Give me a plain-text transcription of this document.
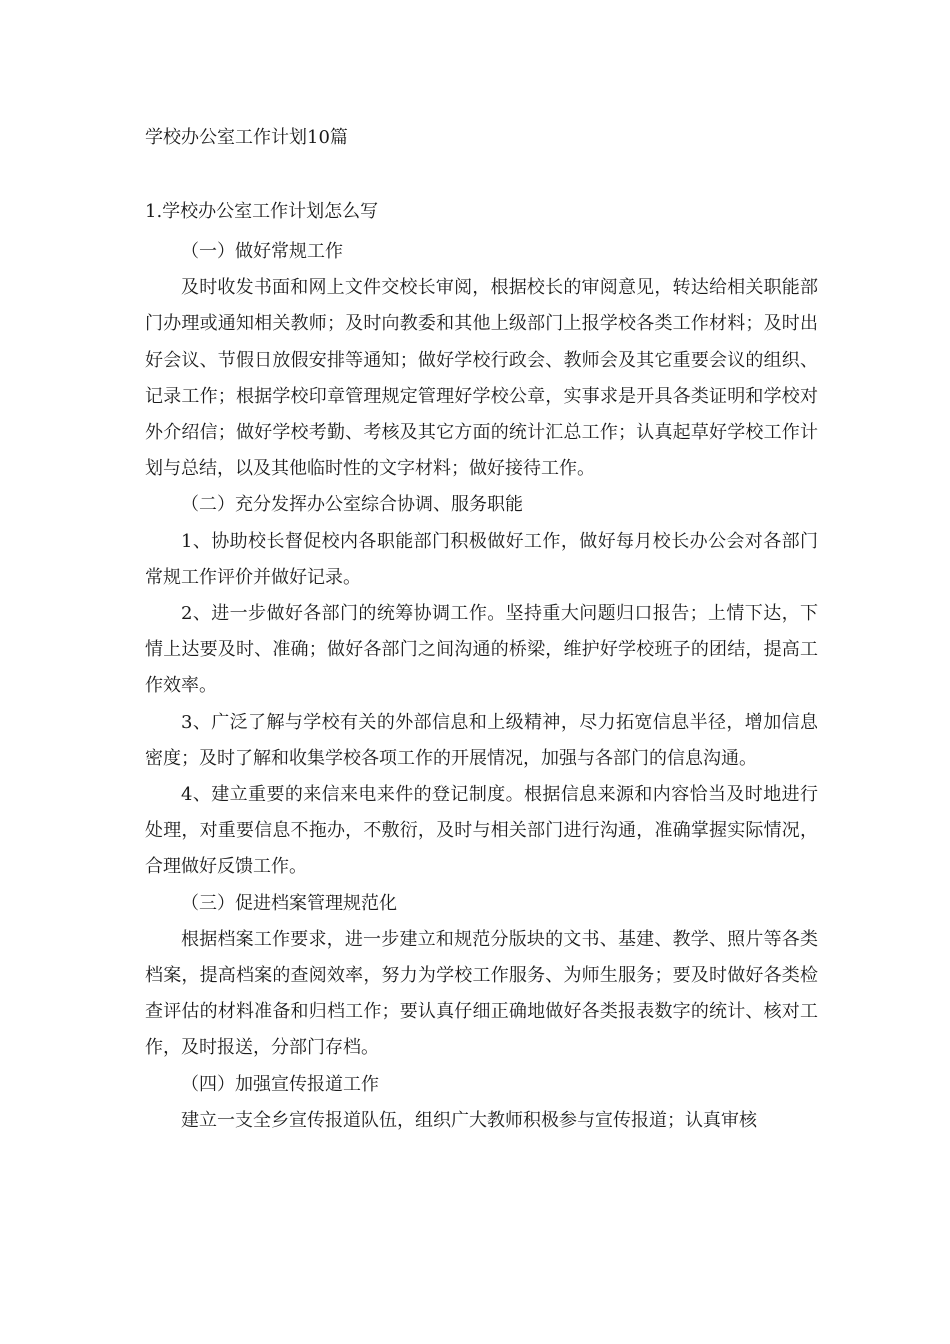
学校办公室工作计划10篇
1.学校办公室工作计划怎么写

（一）做好常规工作

及时收发书面和网上文件交校长审阅，根据校长的审阅意见，转达给相关职能部门办理或通知相关教师；及时向教委和其他上级部门上报学校各类工作材料；及时出好会议、节假日放假安排等通知；做好学校行政会、教师会及其它重要会议的组织、记录工作；根据学校印章管理规定管理好学校公章，实事求是开具各类证明和学校对外介绍信；做好学校考勤、考核及其它方面的统计汇总工作；认真起草好学校工作计划与总结，以及其他临时性的文字材料；做好接待工作。

（二）充分发挥办公室综合协调、服务职能

1、协助校长督促校内各职能部门积极做好工作，做好每月校长办公会对各部门常规工作评价并做好记录。

2、进一步做好各部门的统筹协调工作。坚持重大问题归口报告；上情下达，下情上达要及时、准确；做好各部门之间沟通的桥梁，维护好学校班子的团结，提高工作效率。

3、广泛了解与学校有关的外部信息和上级精神，尽力拓宽信息半径，增加信息密度；及时了解和收集学校各项工作的开展情况，加强与各部门的信息沟通。

4、建立重要的来信来电来件的登记制度。根据信息来源和内容恰当及时地进行处理，对重要信息不拖办，不敷衍，及时与相关部门进行沟通，准确掌握实际情况，合理做好反馈工作。

（三）促进档案管理规范化

根据档案工作要求，进一步建立和规范分版块的文书、基建、教学、照片等各类档案，提高档案的查阅效率，努力为学校工作服务、为师生服务；要及时做好各类检查评估的材料准备和归档工作；要认真仔细正确地做好各类报表数字的统计、核对工作，及时报送，分部门存档。

（四）加强宣传报道工作

建立一支全乡宣传报道队伍，组织广大教师积极参与宣传报道；认真审核
